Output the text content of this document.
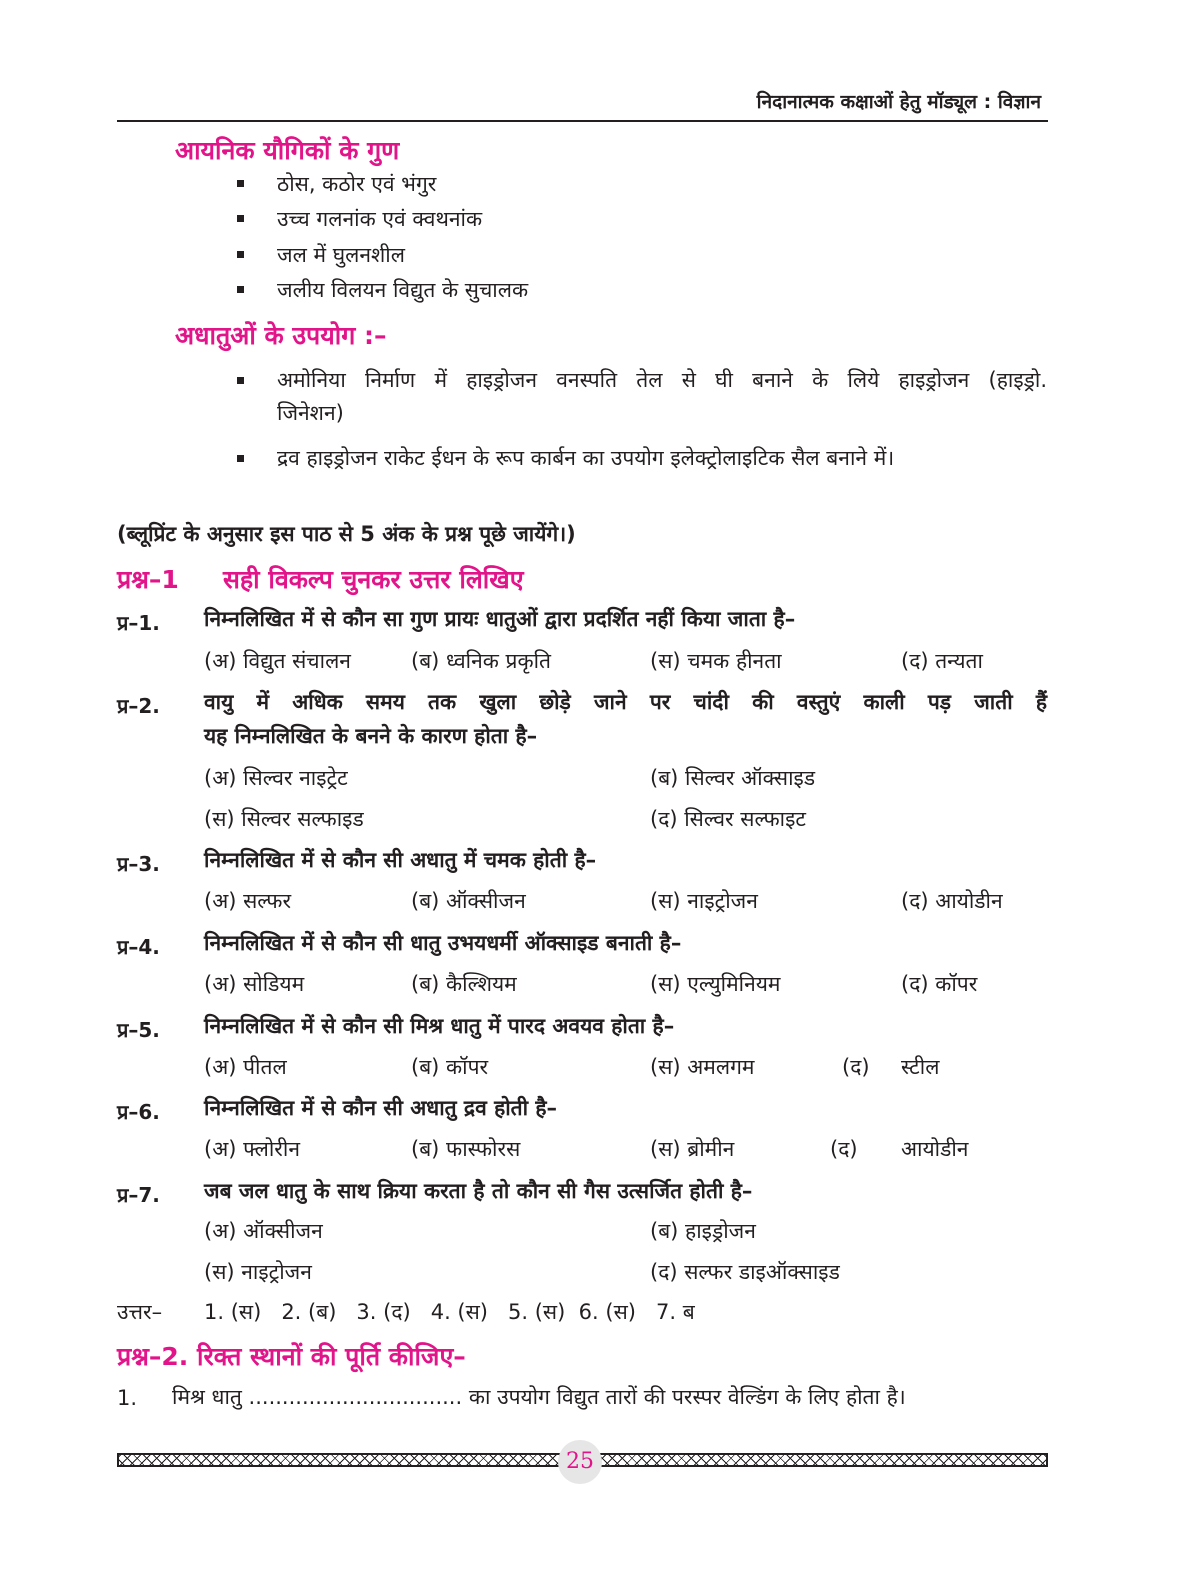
निदानात्मक कक्षाओं हेतु मॉड्यूल : विज्ञान
आयनिक यौगिकों के गुण
ठोस, कठोर एवं भंगुर
उच्च गलनांक एवं क्वथनांक
जल में घुलनशील
जलीय विलयन विद्युत के सुचालक
अधातुओं के उपयोग :–
अमोनिया निर्माण में हाइड्रोजन वनस्पति तेल से घी बनाने के लिये हाइड्रोजन (हाइड्रो.
जिनेशन)
द्रव हाइड्रोजन राकेट ईधन के रूप कार्बन का उपयोग इलेक्ट्रोलाइटिक सैल बनाने में।
(ब्लूप्रिंट के अनुसार इस पाठ से 5 अंक के प्रश्न पूछे जायेंगे।)
प्रश्न–1 सही विकल्प चुनकर उत्तर लिखिए
प्र–1. निम्नलिखित में से कौन सा गुण प्रायः धातुओं द्वारा प्रदर्शित नहीं किया जाता है–
(अ) विद्युत संचालन	(ब) ध्वनिक प्रकृति	(स) चमक हीनता	(द) तन्यता
प्र–2. वायु में अधिक समय तक खुला छोड़े जाने पर चांदी की वस्तुएं काली पड़ जाती हैं
यह निम्नलिखित के बनने के कारण होता है–
(अ) सिल्वर नाइट्रेट	(ब) सिल्वर ऑक्साइड
(स) सिल्वर सल्फाइड	(द) सिल्वर सल्फाइट
प्र–3. निम्नलिखित में से कौन सी अधातु में चमक होती है–
(अ) सल्फर	(ब) ऑक्सीजन	(स) नाइट्रोजन	(द) आयोडीन
प्र–4. निम्नलिखित में से कौन सी धातु उभयधर्मी ऑक्साइड बनाती है–
(अ) सोडियम	(ब) कैल्शियम	(स) एल्युमिनियम	(द) कॉपर
प्र–5. निम्नलिखित में से कौन सी मिश्र धातु में पारद अवयव होता है–
(अ) पीतल	(ब) कॉपर	(स) अमलगम	(द) स्टील
प्र–6. निम्नलिखित में से कौन सी अधातु द्रव होती है–
(अ) फ्लोरीन	(ब) फास्फोरस	(स) ब्रोमीन	(द) आयोडीन
प्र–7. जब जल धातु के साथ क्रिया करता है तो कौन सी गैस उत्सर्जित होती है–
(अ) ऑक्सीजन	(ब) हाइड्रोजन
(स) नाइट्रोजन	(द) सल्फर डाइऑक्साइड
उत्तर– 1. (स)   2. (ब)   3. (द)   4. (स)   5. (स)  6. (स)   7. ब
प्रश्न–2. रिक्त स्थानों की पूर्ति कीजिए–
1. मिश्र धातु ................................ का उपयोग विद्युत तारों की परस्पर वेल्डिंग के लिए होता है।
25
